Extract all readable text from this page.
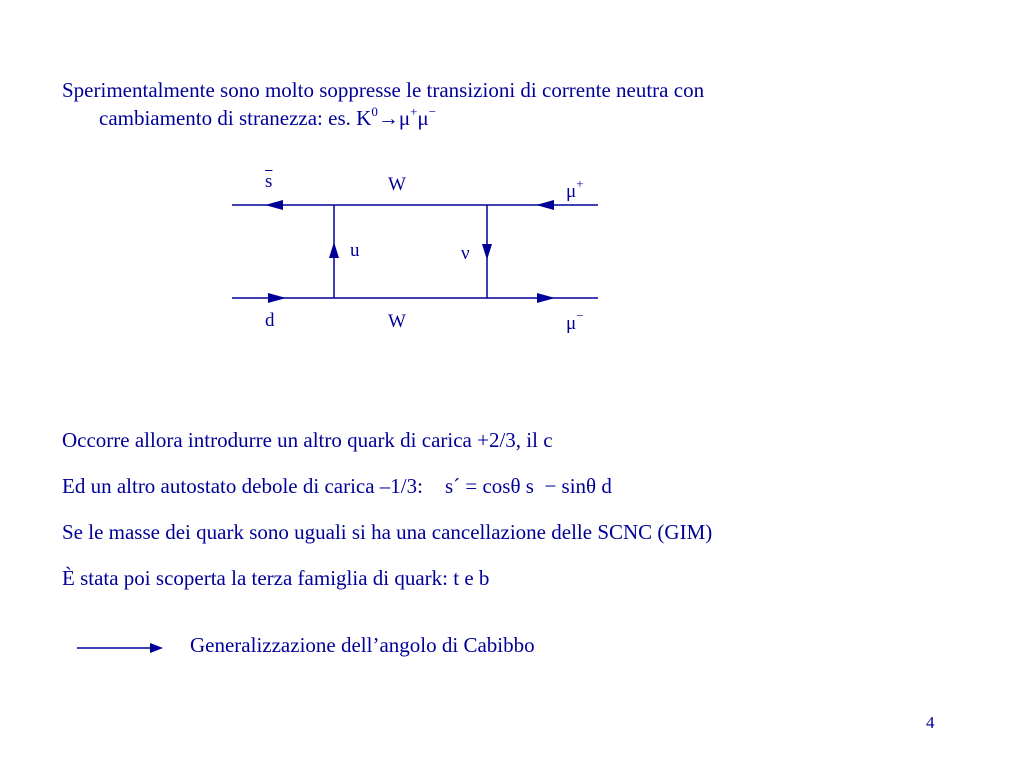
Sperimentalmente sono molto soppresse le transizioni di corrente neutra con
cambiamento di stranezza: es. $K^0\to\mu^+\mu^-$
$\overline{s}$	W	μ+
u	ν
d	W	μ−
Occorre allora introdurre un altro quark di carica +2/3, il c
Ed un altro autostato debole di carica –1/3: s´ = cosθ s  − sinθ d
Se le masse dei quark sono uguali si ha una cancellazione delle SCNC (GIM)
È stata poi scoperta la terza famiglia di quark: t e b
Generalizzazione dell’angolo di Cabibbo
4
